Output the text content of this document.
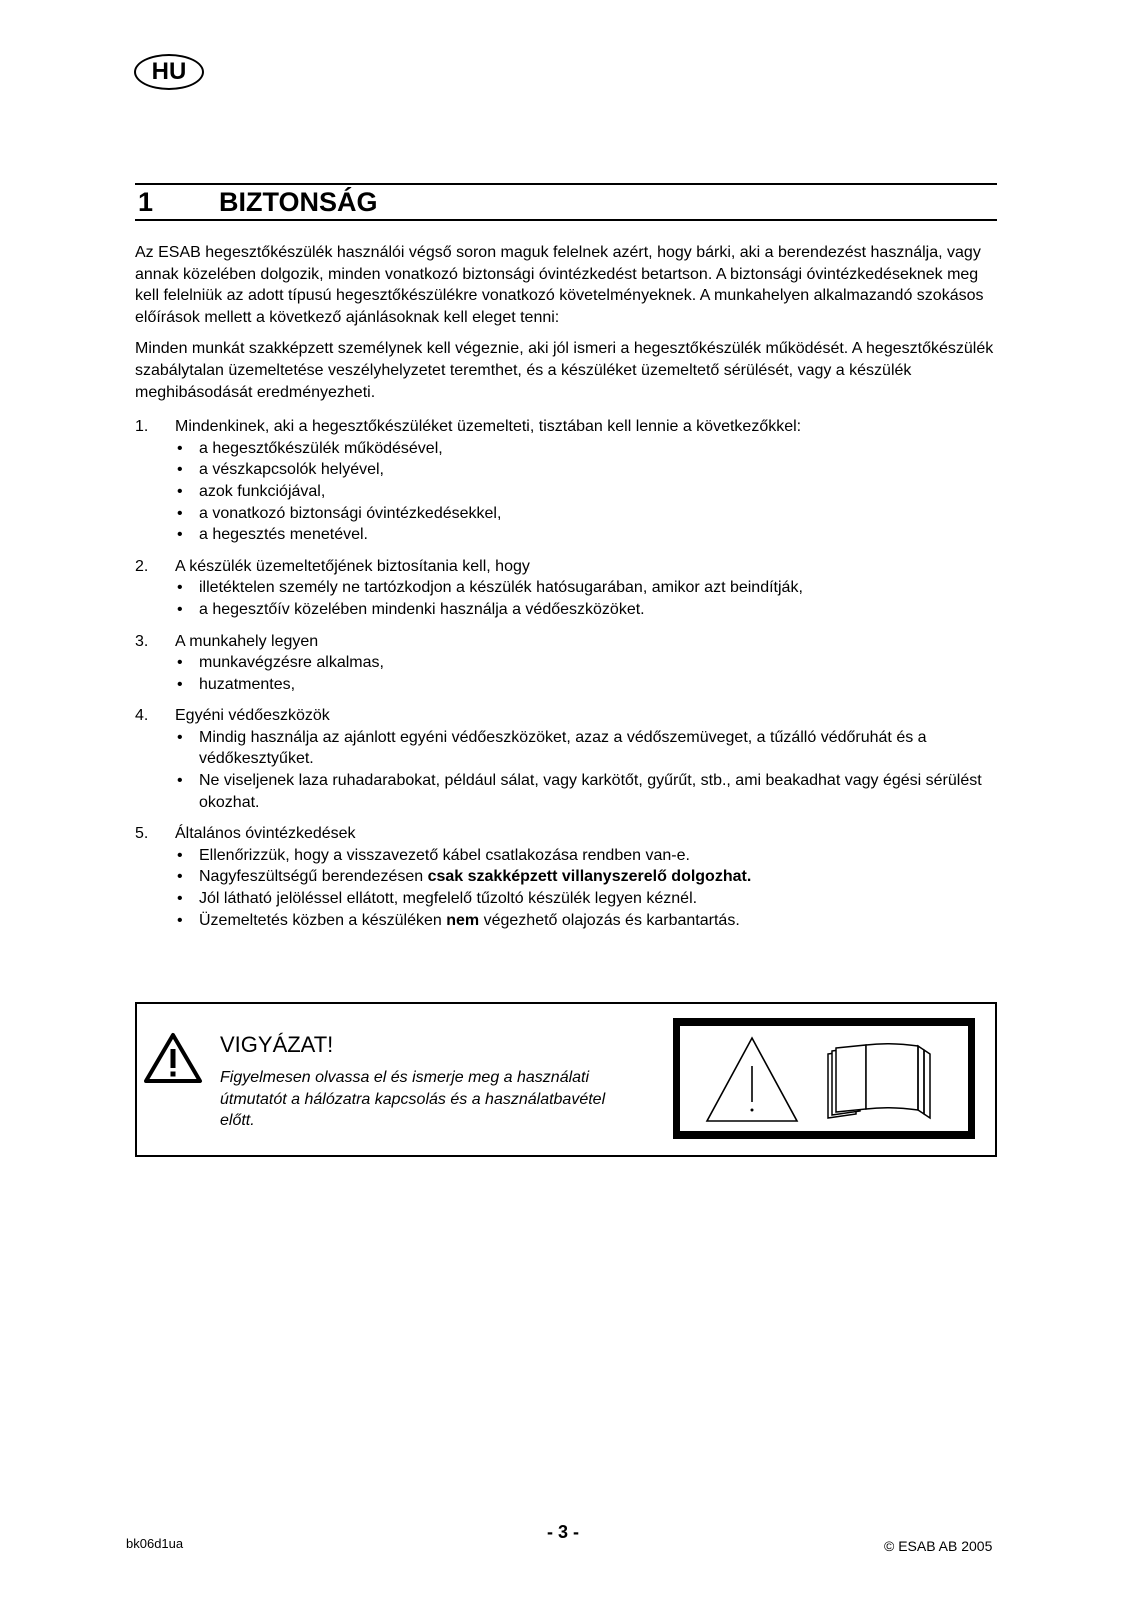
HU
1	BIZTONSÁG

Az ESAB hegesztőkészülék használói végső soron maguk felelnek azért, hogy bárki, aki a berendezést használja, vagy annak közelében dolgozik, minden vonatkozó biztonsági óvintézkedést betartson. A biztonsági óvintézkedéseknek meg kell felelniük az adott típusú hegesztőkészülékre vonatkozó követelményeknek. A munkahelyen alkalmazandó szokásos előírások mellett a következő ajánlásoknak kell eleget tenni:

Minden munkát szakképzett személynek kell végeznie, aki jól ismeri a hegesztőkészülék működését. A hegesztőkészülék szabálytalan üzemeltetése veszélyhelyzetet teremthet, és a készüléket üzemeltető sérülését, vagy a készülék meghibásodását eredményezheti.

1.	Mindenkinek, aki a hegesztőkészüléket üzemelteti, tisztában kell lennie a következőkkel:
•	a hegesztőkészülék működésével,
•	a vészkapcsolók helyével,
•	azok funkciójával,
•	a vonatkozó biztonsági óvintézkedésekkel,
•	a hegesztés menetével.
2.	A készülék üzemeltetőjének biztosítania kell, hogy
•	illetéktelen személy ne tartózkodjon a készülék hatósugarában, amikor azt beindítják,
•	a hegesztőív közelében mindenki használja a védőeszközöket.
3.	A munkahely legyen
•	munkavégzésre alkalmas,
•	huzatmentes,
4.	Egyéni védőeszközök
•	Mindig használja az ajánlott egyéni védőeszközöket, azaz a védőszemüveget, a tűzálló védőruhát és a védőkesztyűket.
•	Ne viseljenek laza ruhadarabokat, például sálat, vagy karkötőt, gyűrűt, stb., ami beakadhat vagy égési sérülést okozhat.
5.	Általános óvintézkedések
•	Ellenőrizzük, hogy a visszavezető kábel csatlakozása rendben van-e.
•	Nagyfeszültségű berendezésen csak szakképzett villanyszerelő dolgozhat.
•	Jól látható jelöléssel ellátott, megfelelő tűzoltó készülék legyen kéznél.
•	Üzemeltetés közben a készüléken nem végezhető olajozás és karbantartás.
VIGYÁZAT!
Figyelmesen olvassa el és ismerje meg a használati útmutatót a hálózatra kapcsolás és a használatbavétel előtt.
bk06d1ua
- 3 -
© ESAB AB 2005
